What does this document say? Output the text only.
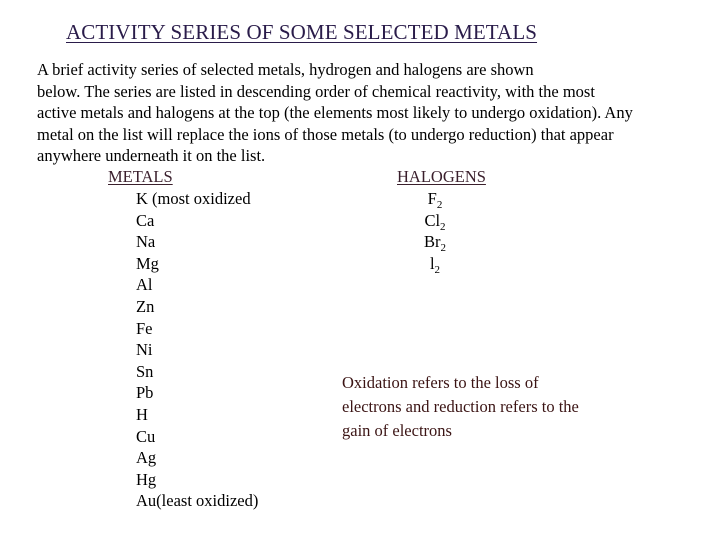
ACTIVITY SERIES OF SOME SELECTED METALS
A brief activity series of selected metals, hydrogen and halogens are shown
below. The series are listed in descending order of chemical reactivity, with the most
active metals and halogens at the top (the elements most likely to undergo oxidation). Any
metal on the list will replace the ions of those metals (to undergo reduction) that appear
anywhere underneath it on the list.
METALS	HALOGENS
K (most oxidized
Ca
Na
Mg
Al
Zn
Fe
Ni
Sn
Pb
H
Cu
Ag
Hg
Au(least oxidized)
$F_2$
$Cl_2$
$Br_2$
$l_2$
Oxidation refers to the loss of
electrons and reduction refers to the
gain of electrons
